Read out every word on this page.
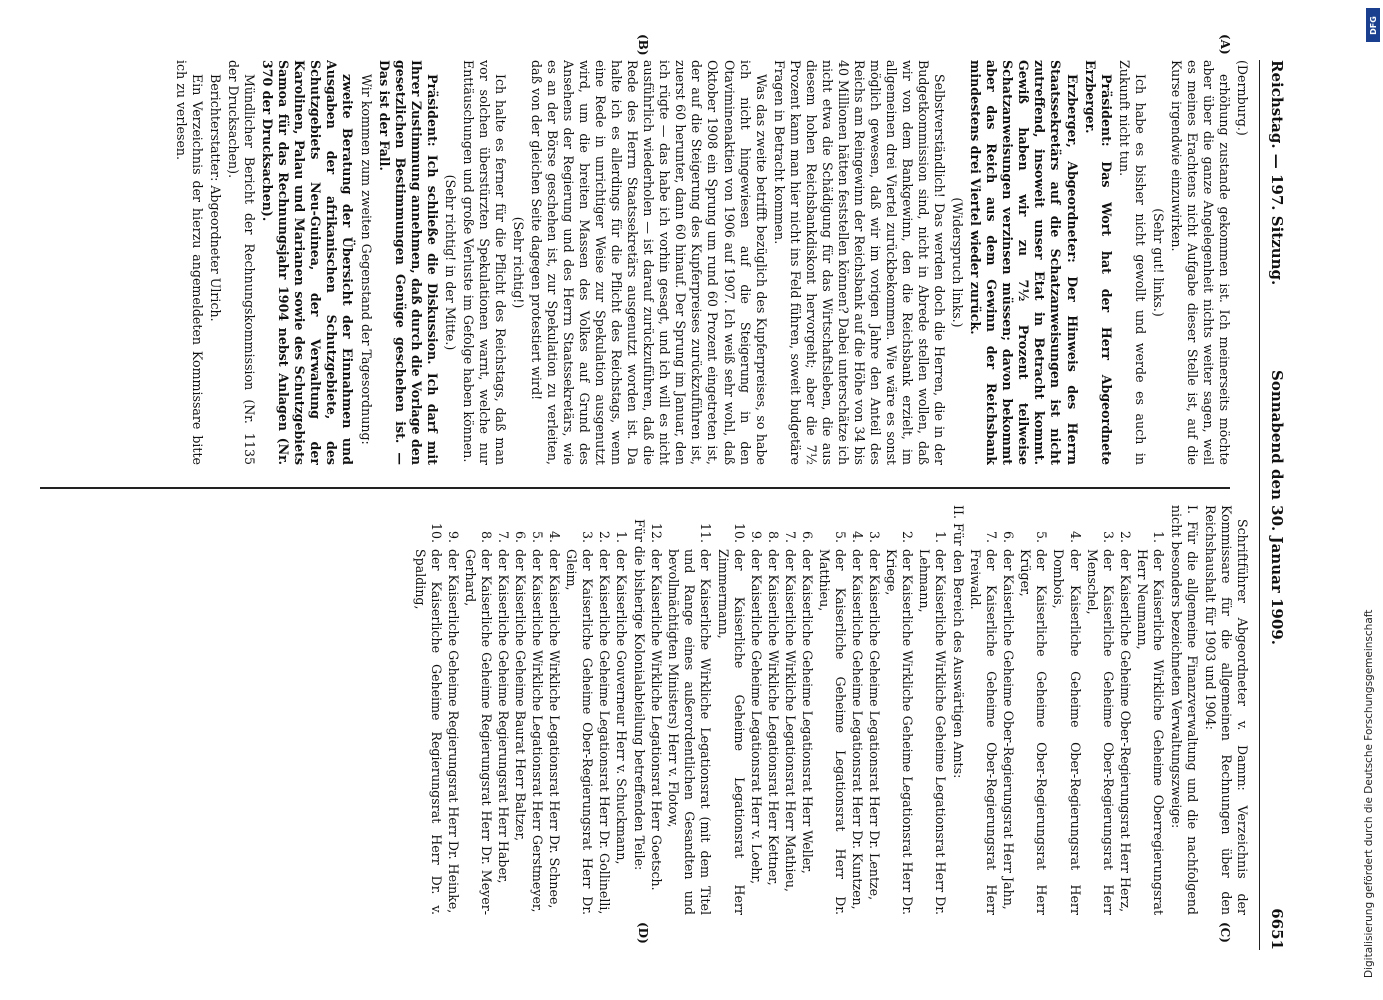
Reichstag. — 197. Sitzung.
Sonnabend den 30. Januar 1909.
6651
(A)
(B)
(C)
(D)

(Dernburg.)

erhöhung zustande gekommen ist. Ich meinerseits möchte aber über die ganze Angelegenheit nichts weiter sagen, weil es meines Erachtens nicht Aufgabe dieser Stelle ist, auf die Kurse irgendwie einzuwirken.

(Sehr gut! links.)

Ich habe es bisher nicht gewollt und werde es auch in Zukunft nicht tun.

Präsident: Das Wort hat der Herr Abgeordnete Erzberger.

Erzberger, Abgeordneter: Der Hinweis des Herrn Staatssekretärs auf die Schatzanweisungen ist nicht zutreffend, insoweit unser Etat in Betracht kommt. Gewiß haben wir zu 7½ Prozent teilweise Schatzanweisungen verzinsen müssen; davon bekommt aber das Reich aus dem Gewinn der Reichsbank mindestens drei Viertel wieder zurück.

(Widerspruch links.)

Selbstverständlich! Das werden doch die Herren, die in der Budgetkommission sind, nicht in Abrede stellen wollen, daß wir von dem Bankgewinn, den die Reichsbank erzielt, im allgemeinen drei Viertel zurückbekommen. Wie wäre es sonst möglich gewesen, daß wir im vorigen Jahre den Anteil des Reichs am Reingewinn der Reichsbank auf die Höhe von 34 bis 40 Millionen hätten feststellen können? Dabei unterschätze ich nicht etwa die Schädigung für das Wirtschaftsleben, die aus diesem hohen Reichsbankdiskont hervorgeht; aber die 7½ Prozent kann man hier nicht ins Feld führen, soweit budgetäre Fragen in Betracht kommen.

Was das zweite betrifft bezüglich des Kupferpreises, so habe ich nicht hingewiesen auf die Steigerung in den Otaviminenaktien von 1906 auf 1907. Ich weiß sehr wohl, daß Oktober 1908 ein Sprung um rund 60 Prozent eingetreten ist, der auf die Steigerung des Kupferpreises zurückzuführen ist, zuerst 60 herunter, dann 60 hinauf. Der Sprung im Januar, den ich rügte — das habe ich vorhin gesagt, und ich will es nicht ausführlich wiederholen — ist darauf zurückzuführen, daß die Rede des Herrn Staatssekretärs ausgenutzt worden ist. Da halte ich es allerdings für die Pflicht des Reichstags, wenn eine Rede in unrichtiger Weise zur Spekulation ausgenutzt wird, um die breiten Massen des Volkes auf Grund des Ansehens der Regierung und des Herrn Staatssekretärs, wie es an der Börse geschehen ist, zur Spekulation zu verleiten, daß von der gleichen Seite dagegen protestiert wird!

(Sehr richtig!)

Ich halte es ferner für die Pflicht des Reichstags, daß man vor solchen überstürzten Spekulationen warnt, welche nur Enttäuschungen und große Verluste im Gefolge haben können.

(Sehr richtig! in der Mitte.)

Präsident: Ich schließe die Diskussion. Ich darf mit Ihrer Zustimmung annehmen, daß durch die Vorlage den gesetzlichen Bestimmungen Genüge geschehen ist. — Das ist der Fall.

Wir kommen zum zweiten Gegenstand der Tagesordnung:

zweite Beratung der Übersicht der Einnahmen und Ausgaben der afrikanischen Schutzgebiete, des Schutzgebiets Neu-Guinea, der Verwaltung der Karolinen, Palau und Marianen sowie des Schutzgebiets Samoa für das Rechnungsjahr 1904 nebst Anlagen (Nr. 370 der Drucksachen).

Mündlicher Bericht der Rechnungskommission (Nr. 1135 der Drucksachen).

Berichterstatter: Abgeordneter Ulrich.

Ein Verzeichnis der hierzu angemeldeten Kommissare bitte ich zu verlesen.

Schriftführer Abgeordneter v. Damm: Verzeichnis der Kommissare für die allgemeinen Rechnungen über den Reichshaushalt für 1903 und 1904:

I. Für die allgemeine Finanzverwaltung und die nachfolgend nicht besonders bezeichneten Verwaltungszweige:

1.
der Kaiserliche Wirkliche Geheime Oberregierungsrat Herr Neumann,
2.
der Kaiserliche Geheime Ober-Regierungsrat Herr Herz,
3.
der Kaiserliche Geheime Ober-Regierungsrat Herr Menschel,
4.
der Kaiserliche Geheime Ober-Regierungsrat Herr Dombois,
5.
der Kaiserliche Geheime Ober-Regierungsrat Herr Krüger,
6.
der Kaiserliche Geheime Ober-Regierungsrat Herr Jahn,
7.
der Kaiserliche Geheime Ober-Regierungsrat Herr Freiwald.

II. Für den Bereich des Auswärtigen Amts:

1.
der Kaiserliche Wirkliche Geheime Legationsrat Herr Dr. Lehmann,
2.
der Kaiserliche Wirkliche Geheime Legationsrat Herr Dr. Kriege,
3.
der Kaiserliche Geheime Legationsrat Herr Dr. Lentze,
4.
der Kaiserliche Geheime Legationsrat Herr Dr. Kuntzen,
5.
der Kaiserliche Geheime Legationsrat Herr Dr. Matthieu,
6.
der Kaiserliche Geheime Legationsrat Herr Weller,
7.
der Kaiserliche Wirkliche Legationsrat Herr Mathieu,
8.
der Kaiserliche Wirkliche Legationsrat Herr Kettner,
9.
der Kaiserliche Geheime Legationsrat Herr v. Loehr,
10.
der Kaiserliche Geheime Legationsrat Herr Zimmermann,
11.
der Kaiserliche Wirkliche Legationsrat (mit dem Titel und Range eines außerordentlichen Gesandten und bevollmächtigten Ministers) Herr v. Flotow,
12.
der Kaiserliche Wirkliche Legationsrat Herr Goetsch.

Für die bisherige Kolonialabteilung betreffenden Teile:

1.
der Kaiserliche Gouverneur Herr v. Schuckmann,
2.
der Kaiserliche Geheime Legationsrat Herr Dr. Gollinelli,
3.
der Kaiserliche Geheime Ober-Regierungsrat Herr Dr. Gleim,
4.
der Kaiserliche Wirkliche Legationsrat Herr Dr. Schnee,
5.
der Kaiserliche Wirkliche Legationsrat Herr Gerstmeyer,
6.
der Kaiserliche Geheime Baurat Herr Baltzer,
7.
der Kaiserliche Geheime Regierungsrat Herr Haber,
8.
der Kaiserliche Geheime Regierungsrat Herr Dr. Meyer-Gerhard,
9.
der Kaiserliche Geheime Regierungsrat Herr Dr. Heinke,
10.
der Kaiserliche Geheime Regierungsrat Herr Dr. v. Spalding,
DFG
Digitalisierung gefördert durch die Deutsche Forschungsgemeinschaft
